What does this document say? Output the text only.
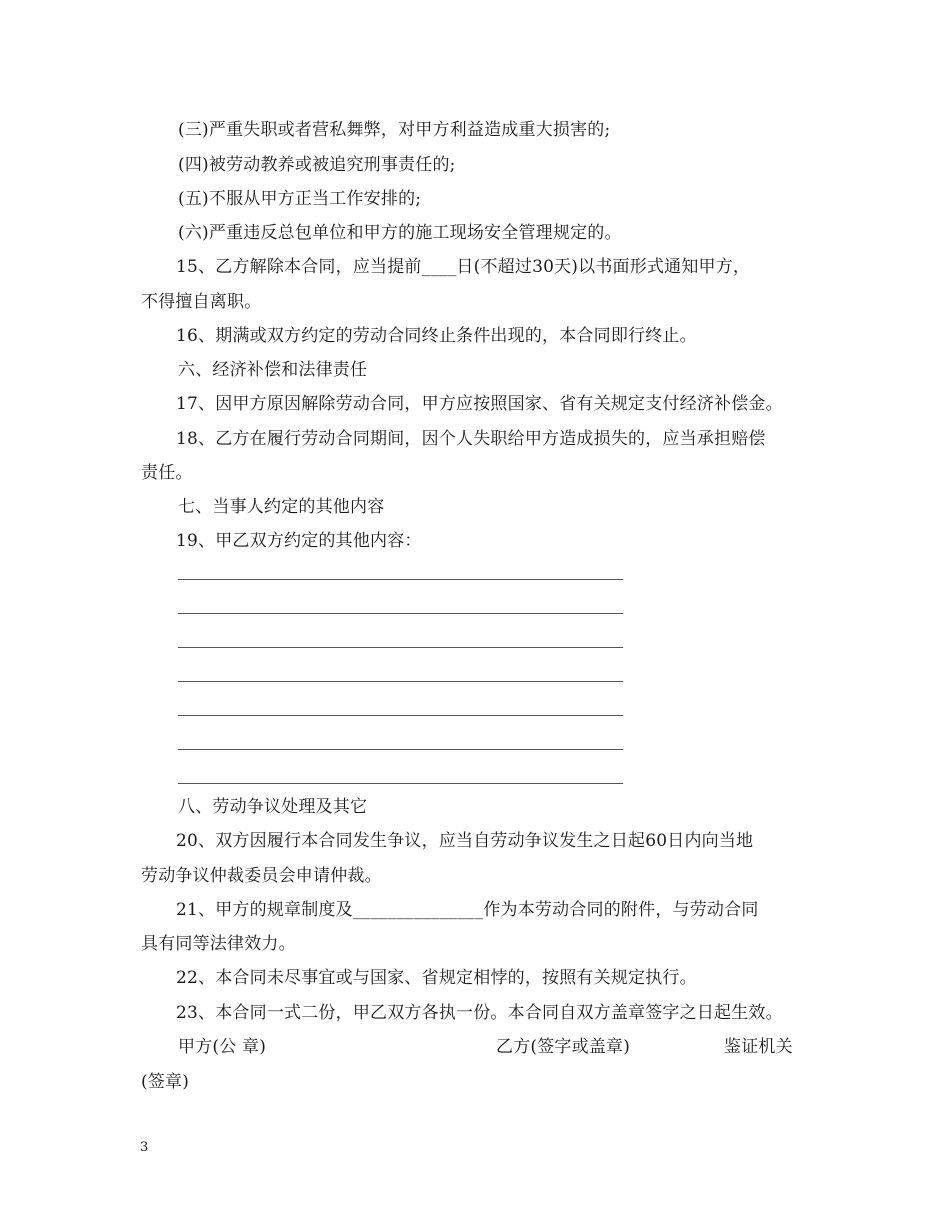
(三)严重失职或者营私舞弊，对甲方利益造成重大损害的;
(四)被劳动教养或被追究刑事责任的;
(五)不服从甲方正当工作安排的;
(六)严重违反总包单位和甲方的施工现场安全管理规定的。
15、乙方解除本合同，应当提前____日(不超过30天)以书面形式通知甲方，
不得擅自离职。
16、期满或双方约定的劳动合同终止条件出现的，本合同即行终止。
六、经济补偿和法律责任
17、因甲方原因解除劳动合同，甲方应按照国家、省有关规定支付经济补偿金。
18、乙方在履行劳动合同期间，因个人失职给甲方造成损失的，应当承担赔偿
责任。
七、当事人约定的其他内容
19、甲乙双方约定的其他内容：
八、劳动争议处理及其它
20、双方因履行本合同发生争议，应当自劳动争议发生之日起60日内向当地
劳动争议仲裁委员会申请仲裁。
21、甲方的规章制度及_______________作为本劳动合同的附件，与劳动合同
具有同等法律效力。
22、本合同未尽事宜或与国家、省规定相悖的，按照有关规定执行。
23、本合同一式二份，甲乙双方各执一份。本合同自双方盖章签字之日起生效。
甲方(公 章)	乙方(签字或盖章)	鉴证机关
(签章)
3
